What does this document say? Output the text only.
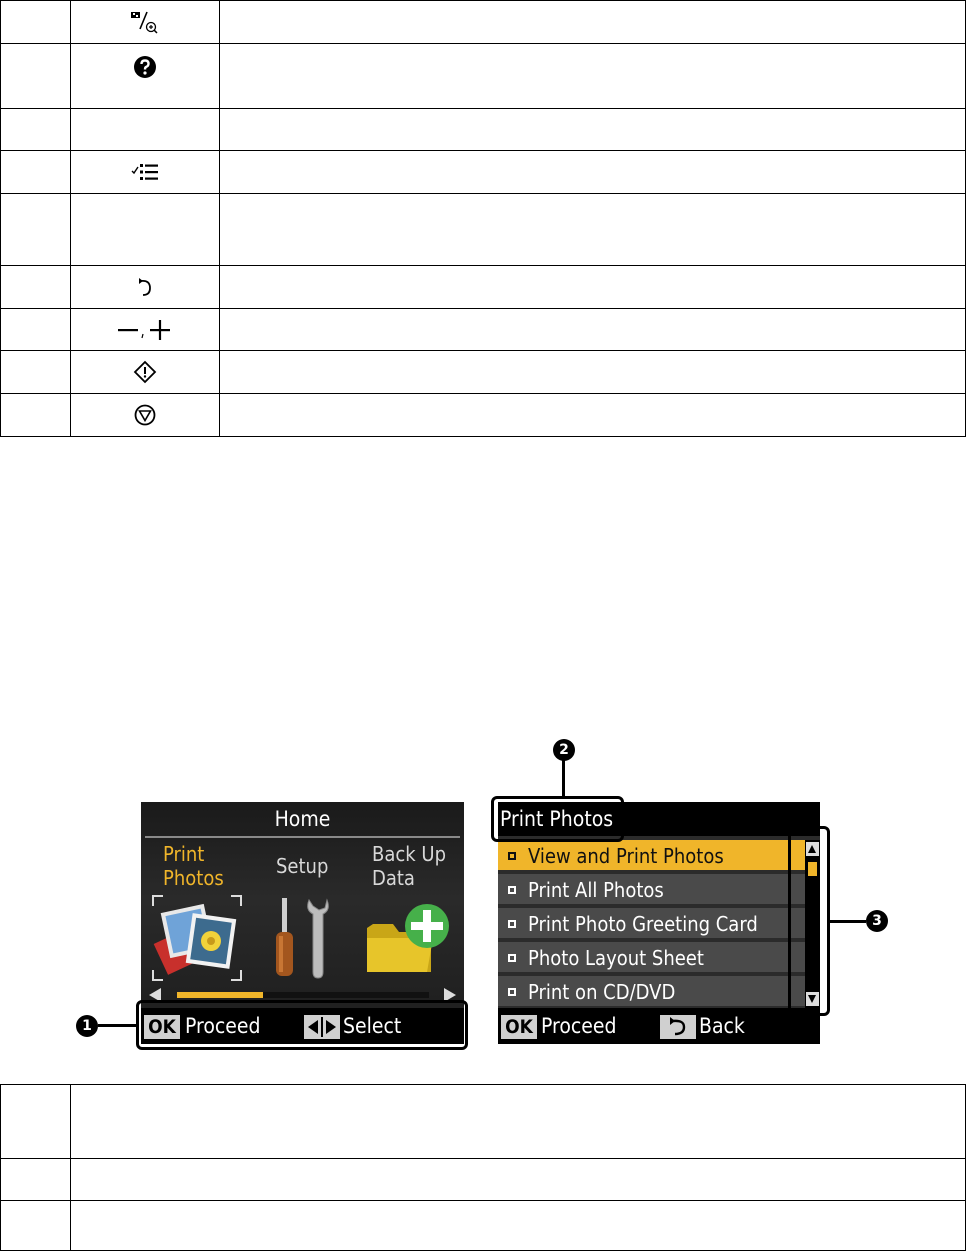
Home
Print
Photos	Setup Back Up
Data
OK Proceed	Select
Print Photos
View and Print Photos
Print All Photos
Print Photo Greeting Card
Photo Layout Sheet
Print on CD/DVD
OK Proceed	Back
1
2
3
